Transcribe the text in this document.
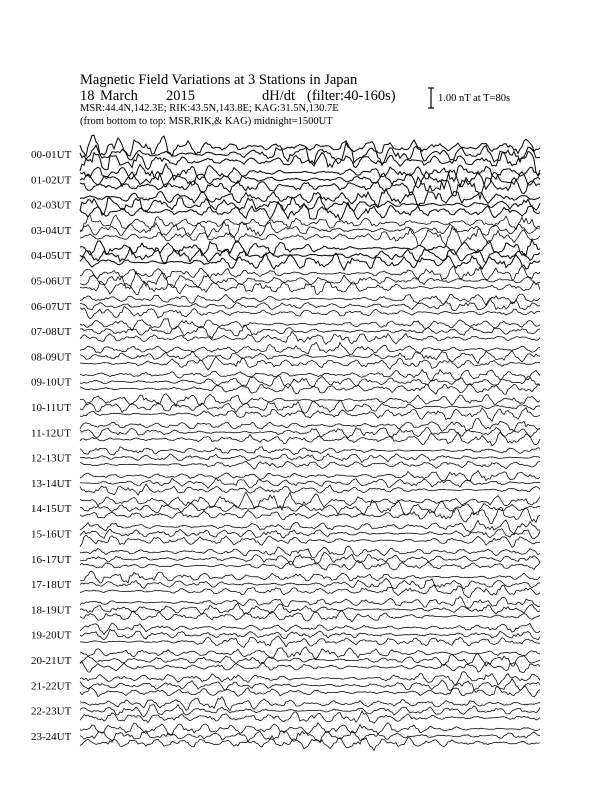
Magnetic Field Variations at 3 Stations in Japan
18 March 2015	dH/dt (filter:40-160s)
MSR:44.4N,142.3E; RIK:43.5N,143.8E; KAG:31.5N,130.7E
(from bottom to top: MSR,RIK,& KAG) midnight=1500UT
1.00 nT at T=80s
00-01UT
01-02UT
02-03UT
03-04UT
04-05UT
05-06UT
06-07UT
07-08UT
08-09UT
09-10UT
10-11UT
11-12UT
12-13UT
13-14UT
14-15UT
15-16UT
16-17UT
17-18UT
18-19UT
19-20UT
20-21UT
21-22UT
22-23UT
23-24UT
